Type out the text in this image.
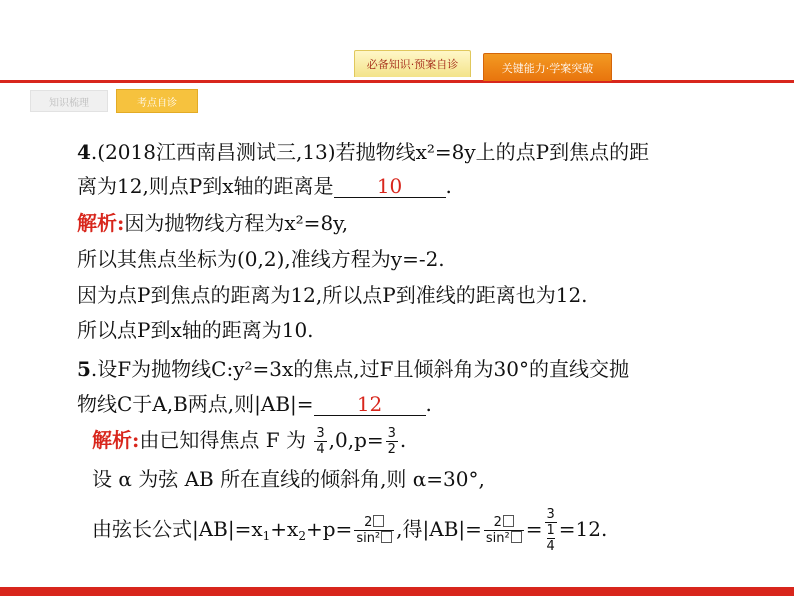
必备知识·预案自诊	关键能力·学案突破
知识梳理	考点自诊
4.(2018江西南昌测试三,13)若抛物线x²=8y上的点P到焦点的距
离为12,则点P到x轴的距离是 10 .
解析:因为抛物线方程为x²=8y,
所以其焦点坐标为(0,2),准线方程为y=-2.
因为点P到焦点的距离为12,所以点P到准线的距离也为12.
所以点P到x轴的距离为10.
5.设F为抛物线C:y²=3x的焦点,过F且倾斜角为30°的直线交抛
物线C于A,B两点,则|AB|= 12 .
解析:由已知得焦点 F 为 $\frac{3}{4} ,0,p= \frac{3}{2}$ .
设 α 为弦 AB 所在直线的倾斜角,则 α=30°,
由弦长公式$|AB|=x_1+x_2+p= \frac{2}{\text{sin²}}$ ,得$|AB|= \frac{2}{\text{sin²}} = 3$
1
4 =12.
